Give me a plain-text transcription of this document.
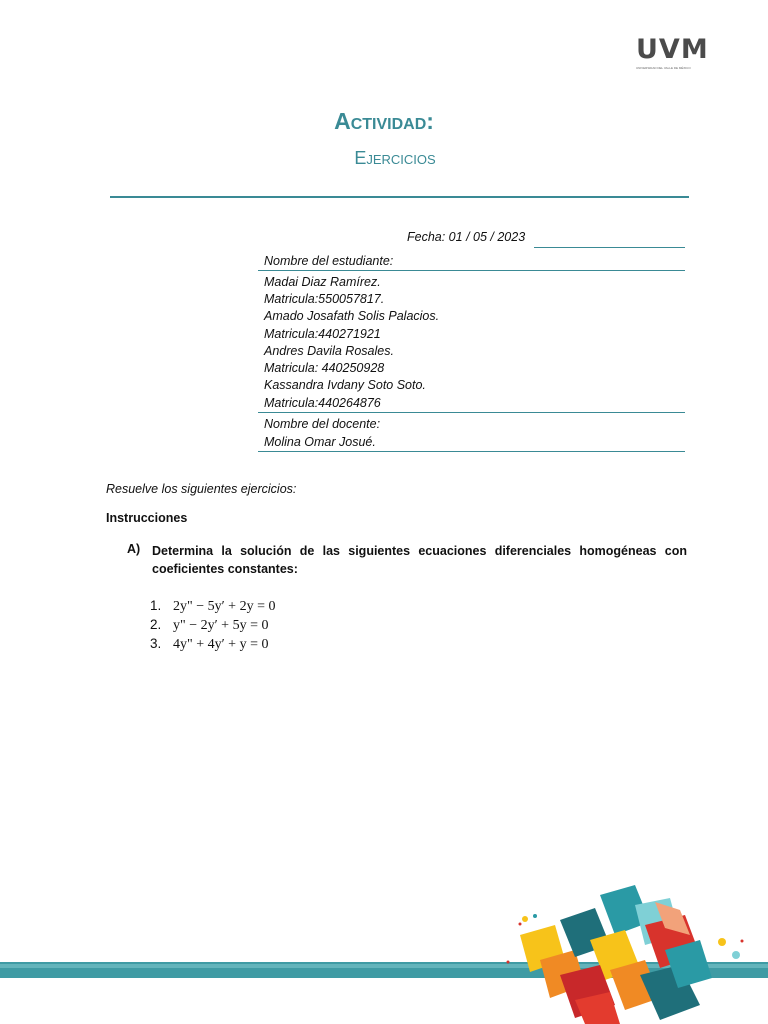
UVM
UNIVERSIDAD DEL VALLE DE MÉXICO
Actividad:
Ejercicios
Fecha: 01 / 05 / 2023
Nombre del estudiante:
Madai Diaz Ramírez.
Matricula:550057817.
Amado Josafath Solis Palacios.
Matricula:440271921
Andres Davila Rosales.
Matricula: 440250928
Kassandra Ivdany Soto Soto.
Matricula:440264876
Nombre del docente:
Molina Omar Josué.
Resuelve los siguientes ejercicios:
Instrucciones
A) Determina la solución de las siguientes ecuaciones diferenciales homogéneas con coeficientes constantes:
1. 2y" − 5y′ + 2y = 0
2. y" − 2y′ + 5y = 0
3. 4y" + 4y′ + y = 0
